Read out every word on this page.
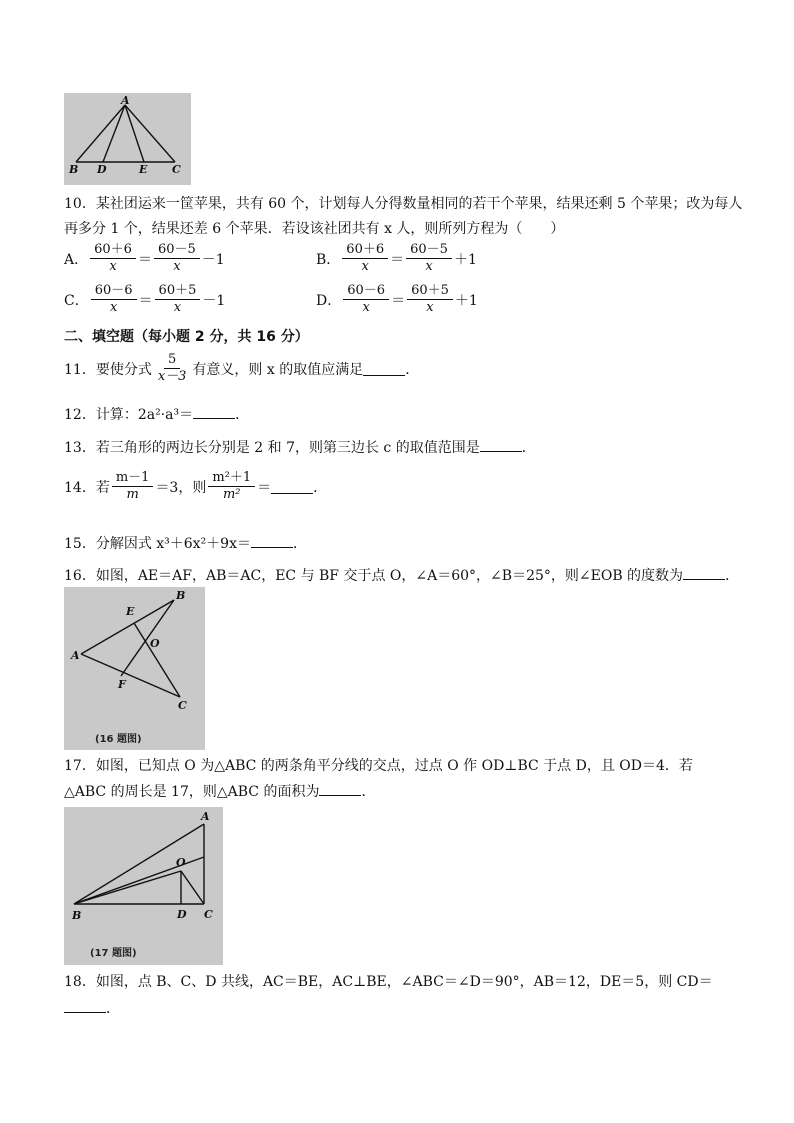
A
B D	E C
10．某社团运来一筐苹果，共有 60 个，计划每人分得数量相同的若干个苹果，结果还剩 5 个苹果；改为每人
再多分 1 个，结果还差 6 个苹果．若设该社团共有 x 人，则所列方程为（　　）
A． $\frac{60+6}{x} = \frac{60-5}{x} -1$	B． $\frac{60+6}{x} = \frac{60-5}{x} +1$
C． $\frac{60-6}{x} = \frac{60+5}{x} -1$	D． $\frac{60-6}{x} = \frac{60+5}{x} +1$
二、填空题（每小题 2 分，共 16 分）
11．要使分式 $\frac{5}{x-3}$ 有意义，则 x 的取值应满足	．
12．计算：2a²·a³＝	．
13．若三角形的两边长分别是 2 和 7，则第三边长 c 的取值范围是	．
14．若 $\frac{m-1}{m} =3$，则 $\frac{\text{m²＋1}}{\text{m²}}$ ＝	．
15．分解因式 x³＋6x²＋9x＝	．
16．如图，AE＝AF，AB＝AC，EC 与 BF 交于点 O，∠A＝60°，∠B＝25°，则∠EOB 的度数为	．
E
B
O
A
F
C
(16 题图)
17．如图，已知点 O 为△ABC 的两条角平分线的交点，过点 O 作 OD⊥BC 于点 D，且 OD＝4．若
△ABC 的周长是 17，则△ABC 的面积为	．
A
O
B	D C
(17 题图)
18．如图，点 B、C、D 共线，AC＝BE，AC⊥BE，∠ABC＝∠D＝90°，AB＝12，DE＝5，则 CD＝
．
